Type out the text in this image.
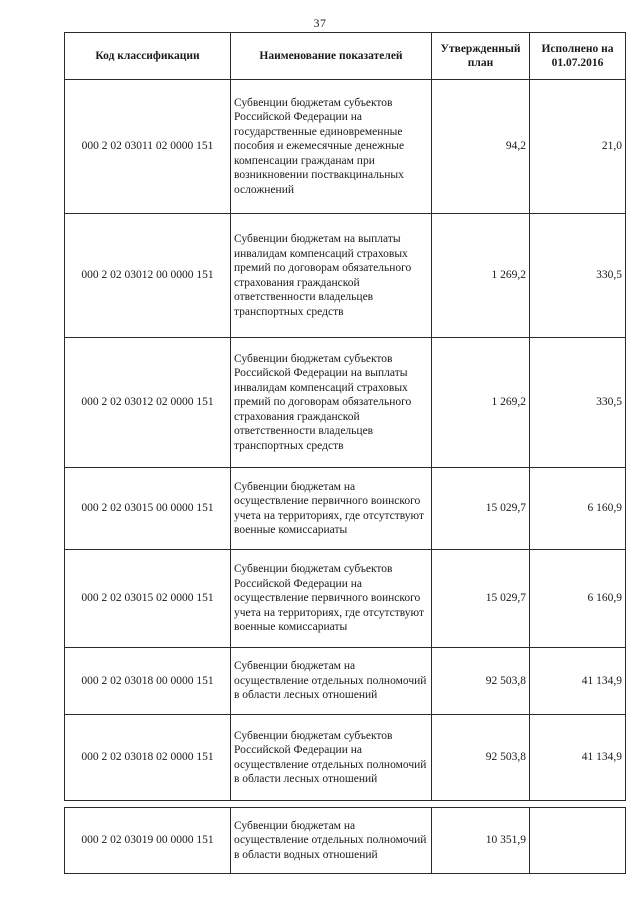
37
Код классификации	Наименование показателей	Утвержденный план	Исполнено на 01.07.2016
000 2 02 03011 02 0000 151	Субвенции бюджетам субъектов Российской Федерации на государственные единовременные пособия и ежемесячные денежные компенсации гражданам при возникновении поствакцинальных осложнений	94,2	21,0
000 2 02 03012 00 0000 151	Субвенции бюджетам на выплаты инвалидам компенсаций страховых премий по договорам обязательного страхования гражданской ответственности владельцев транспортных средств	1 269,2	330,5
000 2 02 03012 02 0000 151	Субвенции бюджетам субъектов Российской Федерации на выплаты инвалидам компенсаций страховых премий по договорам обязательного страхования гражданской ответственности владельцев транспортных средств	1 269,2	330,5
000 2 02 03015 00 0000 151	Субвенции бюджетам на осуществление первичного воинского учета на территориях, где отсутствуют военные комиссариаты	15 029,7	6 160,9
000 2 02 03015 02 0000 151	Субвенции бюджетам субъектов Российской Федерации на осуществление первичного воинского учета на территориях, где отсутствуют военные комиссариаты	15 029,7	6 160,9
000 2 02 03018 00 0000 151	Субвенции бюджетам на осуществление отдельных полномочий в области лесных отношений	92 503,8	41 134,9
000 2 02 03018 02 0000 151	Субвенции бюджетам субъектов Российской Федерации на осуществление отдельных полномочий в области лесных отношений	92 503,8	41 134,9

000 2 02 03019 00 0000 151	Субвенции бюджетам на осуществление отдельных полномочий в области водных отношений	10 351,9	
